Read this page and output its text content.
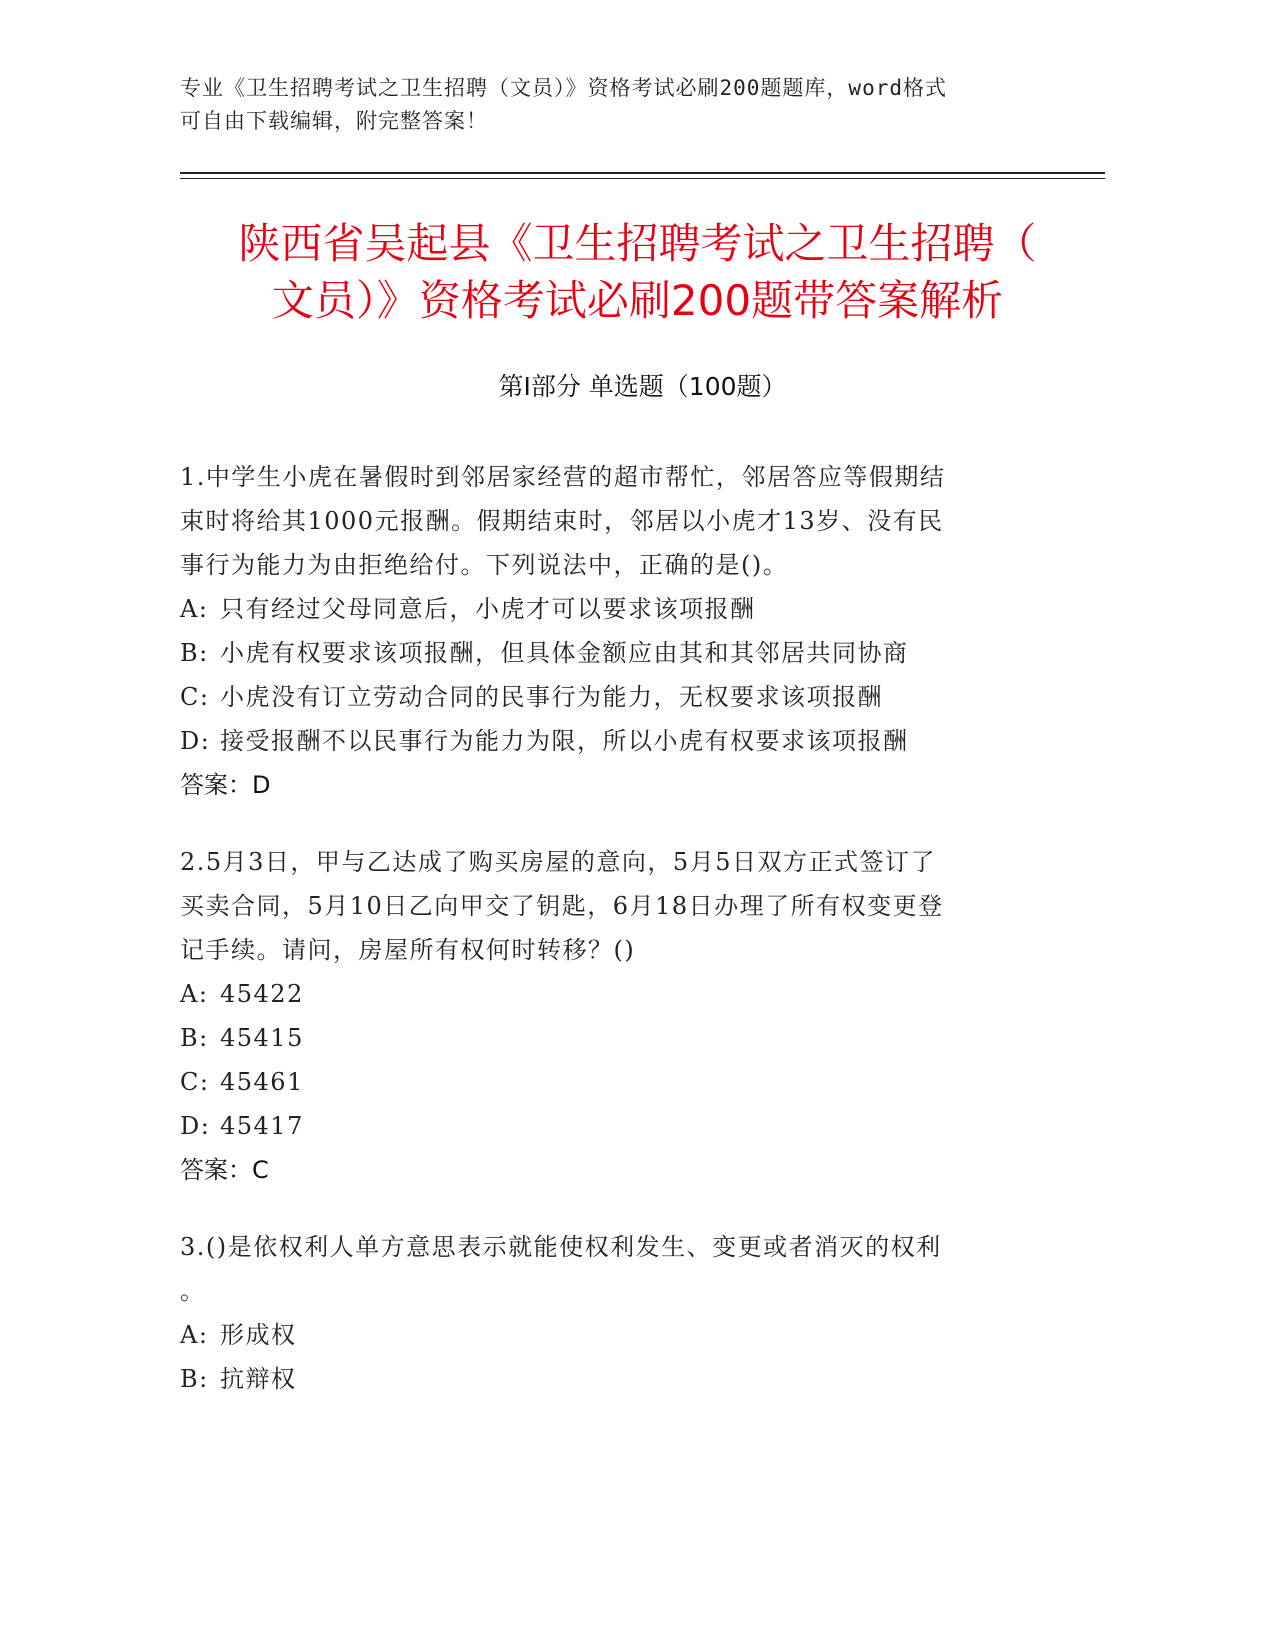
专业《卫生招聘考试之卫生招聘（文员）》资格考试必刷200题题库，word格式
可自由下载编辑，附完整答案！
陕西省吴起县《卫生招聘考试之卫生招聘（
文员）》资格考试必刷200题带答案解析
第Ⅰ部分 单选题（100题）
1.中学生小虎在暑假时到邻居家经营的超市帮忙，邻居答应等假期结
束时将给其1000元报酬。假期结束时，邻居以小虎才13岁、没有民
事行为能力为由拒绝给付。下列说法中，正确的是()。
A: 只有经过父母同意后，小虎才可以要求该项报酬
B: 小虎有权要求该项报酬，但具体金额应由其和其邻居共同协商
C: 小虎没有订立劳动合同的民事行为能力，无权要求该项报酬
D: 接受报酬不以民事行为能力为限，所以小虎有权要求该项报酬
答案：D
2.5月3日，甲与乙达成了购买房屋的意向，5月5日双方正式签订了
买卖合同，5月10日乙向甲交了钥匙，6月18日办理了所有权变更登
记手续。请问，房屋所有权何时转移？()
A: 45422
B: 45415
C: 45461
D: 45417
答案：C
3.()是依权利人单方意思表示就能使权利发生、变更或者消灭的权利
。
A: 形成权
B: 抗辩权
